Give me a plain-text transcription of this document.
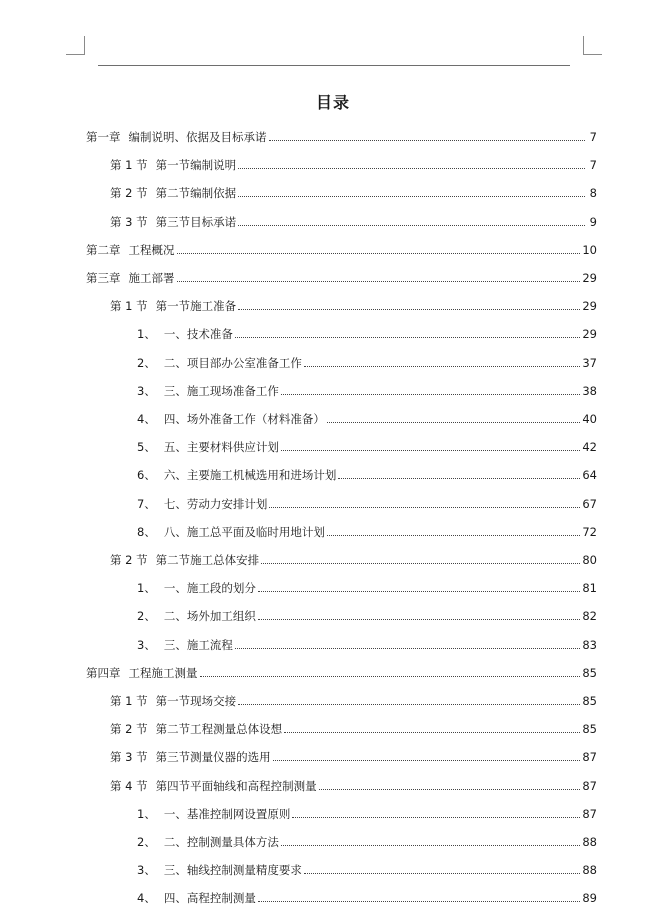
目录
第一章 编制说明、依据及目标承诺	7
第 1 节 第一节编制说明	7
第 2 节 第二节编制依据	8
第 3 节 第三节目标承诺	9
第二章 工程概况	10
第三章 施工部署	29
第 1 节 第一节施工准备	29
1、 一、技术准备	29
2、 二、项目部办公室准备工作	37
3、 三、施工现场准备工作	38
4、 四、场外准备工作（材料准备）	40
5、 五、主要材料供应计划	42
6、 六、主要施工机械选用和进场计划	64
7、 七、劳动力安排计划	67
8、 八、施工总平面及临时用地计划	72
第 2 节 第二节施工总体安排	80
1、 一、施工段的划分	81
2、 二、场外加工组织	82
3、 三、施工流程	83
第四章 工程施工测量	85
第 1 节 第一节现场交接	85
第 2 节 第二节工程测量总体设想	85
第 3 节 第三节测量仪器的选用	87
第 4 节 第四节平面轴线和高程控制测量	87
1、 一、基准控制网设置原则	87
2、 二、控制测量具体方法	88
3、 三、轴线控制测量精度要求	88
4、 四、高程控制测量	89
